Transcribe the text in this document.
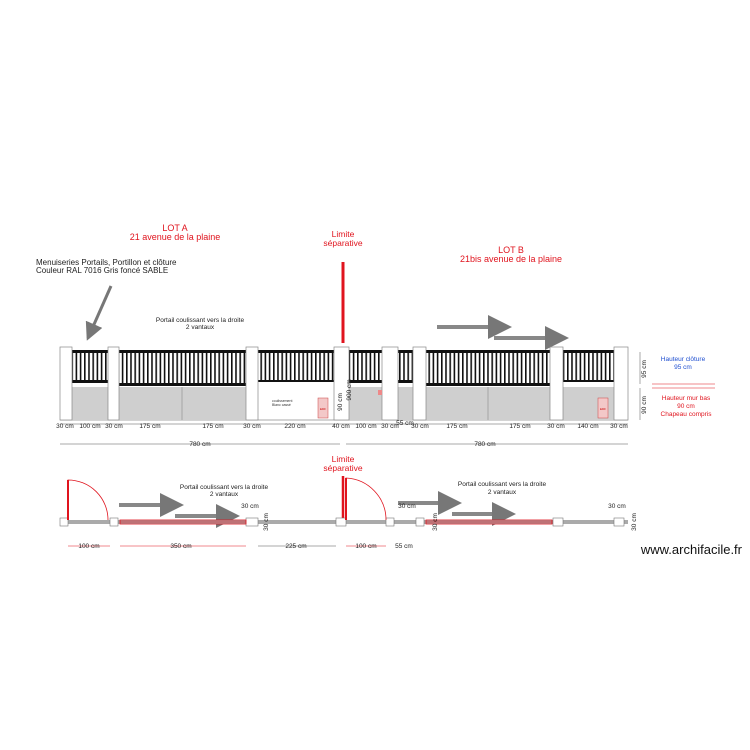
LOT A
21 avenue de la plaine	Limite
séparative
LOT B
21bis avenue de la plaine
Menuiseries Portails, Portillon et clôture
Couleur RAL 7016 Gris foncé SABLE
Portail coulissant vers la droite
2 vantaux
coulissement
Blanc cassé
EDF	EDF
90 cm
900 cm
95 cm
90 cm
Hauteur clôture
95 cm
Hauteur mur bas
90 cm
Chapeau compris
30 cm 100 cm 30 cm	175 cm	175 cm	30 cm	220 cm	40 cm 100 cm 30 cm
55 cm
30 cm	175 cm	175 cm	30 cm 140 cm 30 cm
780 cm	780 cm
Limite
séparative
Portail coulissant vers la droite
2 vantaux
Portail coulissant vers la droite
2 vantaux
30 cm	30 cm
30 cm
30 cm	30 cm	30 cm
100 cm	350 cm	225 cm	100 cm	55 cm	www.archifacile.fr
